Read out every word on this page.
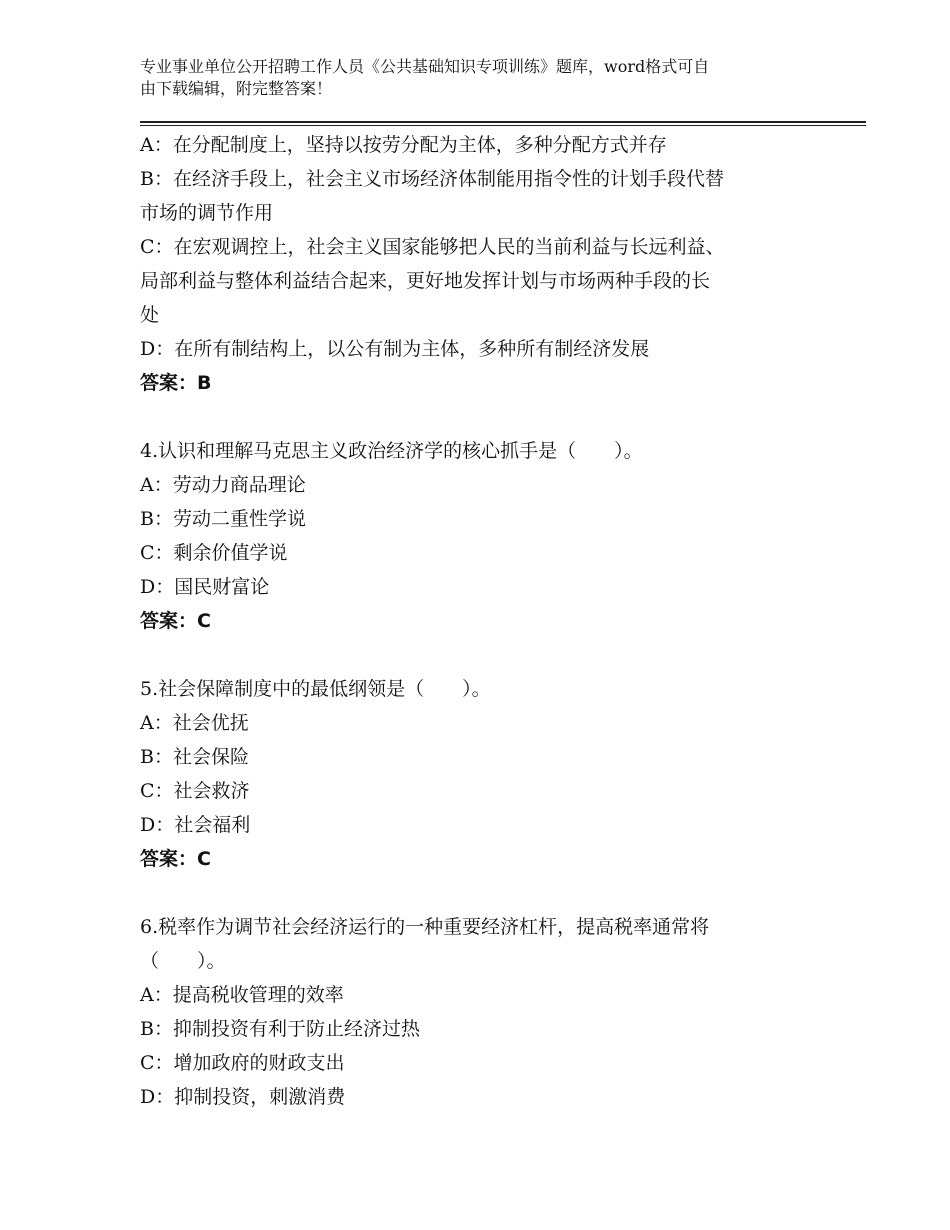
专业事业单位公开招聘工作人员《公共基础知识专项训练》题库，word格式可自
由下载编辑，附完整答案！
A：在分配制度上，坚持以按劳分配为主体，多种分配方式并存
B：在经济手段上，社会主义市场经济体制能用指令性的计划手段代替
市场的调节作用
C：在宏观调控上，社会主义国家能够把人民的当前利益与长远利益、
局部利益与整体利益结合起来，更好地发挥计划与市场两种手段的长
处
D：在所有制结构上，以公有制为主体，多种所有制经济发展
答案：B
4.认识和理解马克思主义政治经济学的核心抓手是（　　）。
A：劳动力商品理论
B：劳动二重性学说
C：剩余价值学说
D：国民财富论
答案：C
5.社会保障制度中的最低纲领是（　　）。
A：社会优抚
B：社会保险
C：社会救济
D：社会福利
答案：C
6.税率作为调节社会经济运行的一种重要经济杠杆，提高税率通常将
（　　）。
A：提高税收管理的效率
B：抑制投资有利于防止经济过热
C：增加政府的财政支出
D：抑制投资，刺激消费
